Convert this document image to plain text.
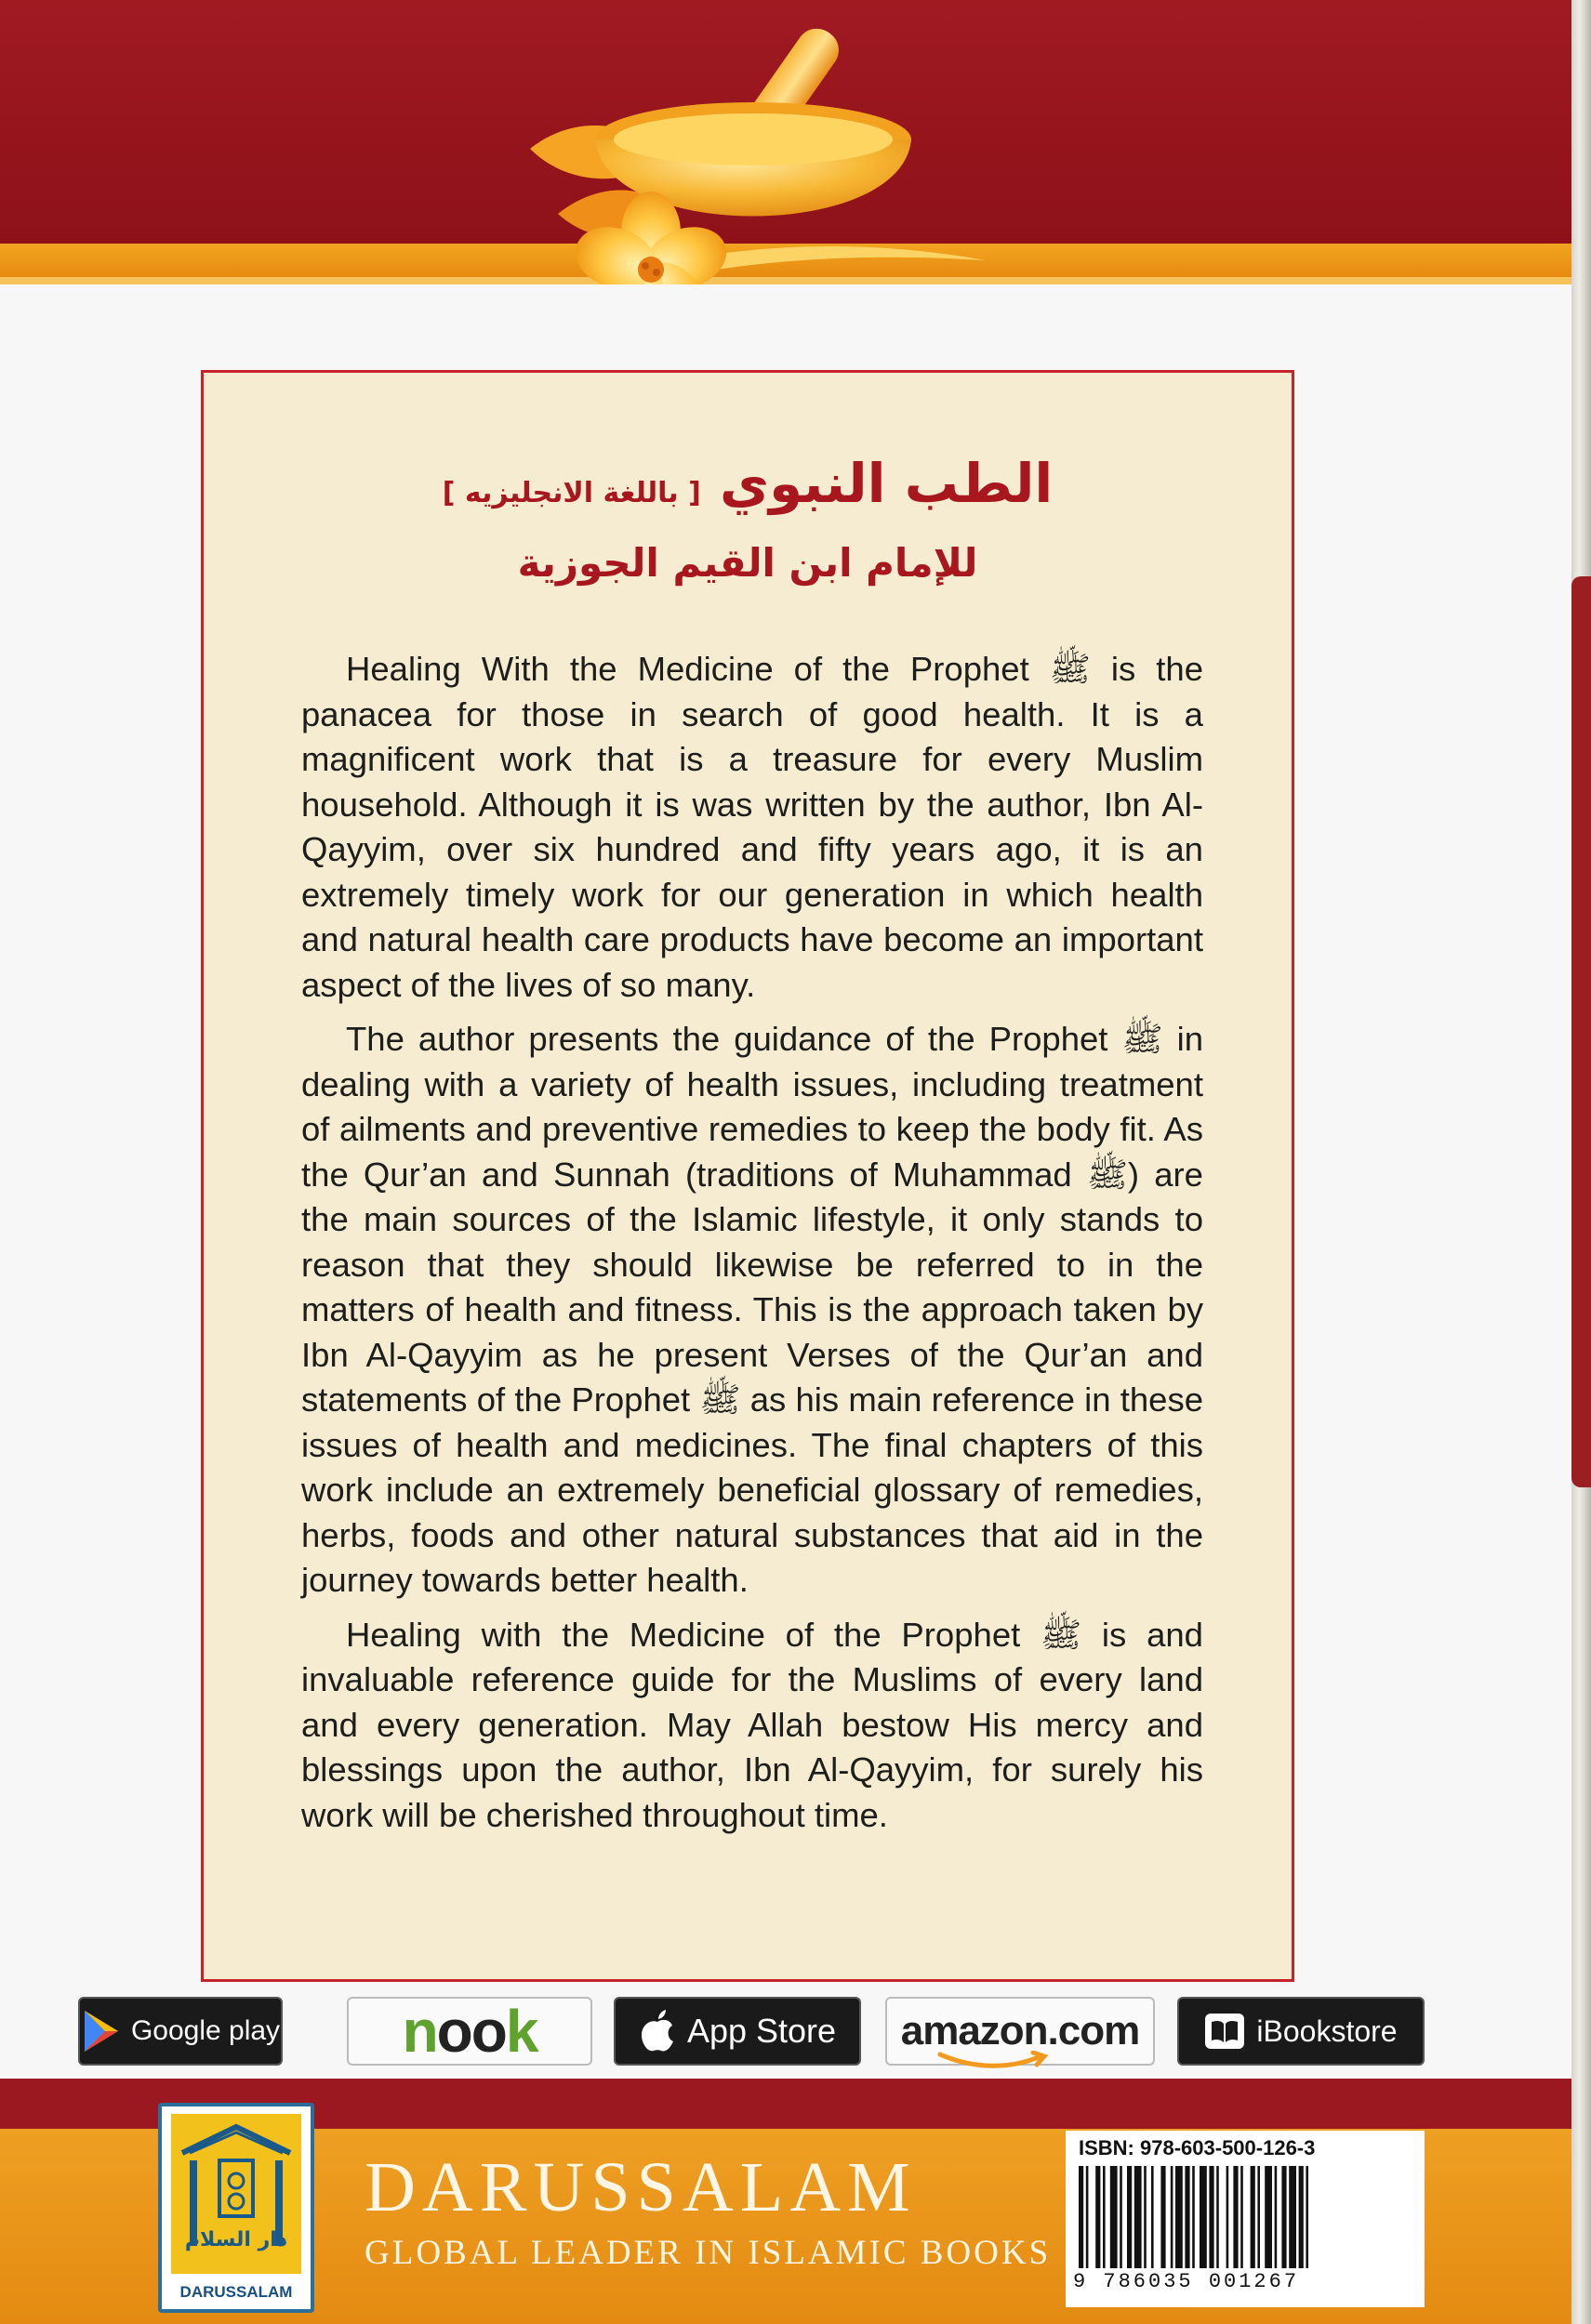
الطب النبوي [ باللغة الانجليزيه ]
للإمام ابن القيم الجوزية

Healing With the Medicine of the Prophet ﷺ is the panacea for those in search of good health. It is a magnificent work that is a treasure for every Muslim household. Although it is was written by the author, Ibn Al-Qayyim, over six hundred and fifty years ago, it is an extremely timely work for our generation in which health and natural health care products have become an important aspect of the lives of so many.

The author presents the guidance of the Prophet ﷺ in dealing with a variety of health issues, including treatment of ailments and preventive remedies to keep the body fit. As the Qur’an and Sunnah (traditions of Muhammad ﷺ) are the main sources of the Islamic lifestyle, it only stands to reason that they should likewise be referred to in the matters of health and fitness. This is the approach taken by Ibn Al-Qayyim as he present Verses of the Qur’an and statements of the Prophet ﷺ as his main reference in these issues of health and medicines. The final chapters of this work include an extremely beneficial glossary of remedies, herbs, foods and other natural substances that aid in the journey towards better health.

Healing with the Medicine of the Prophet ﷺ is and invaluable reference guide for the Muslims of every land and every generation. May Allah bestow His mercy and blessings upon the author, Ibn Al-Qayyim, for surely his work will be cherished throughout time.

Google play nook	App Store amazon.com	iBookstore
دار السلام
DARUSSALAM
DARUSSALAM
GLOBAL LEADER IN ISLAMIC BOOKS
ISBN: 978-603-500-126-3
9 786035 001267
